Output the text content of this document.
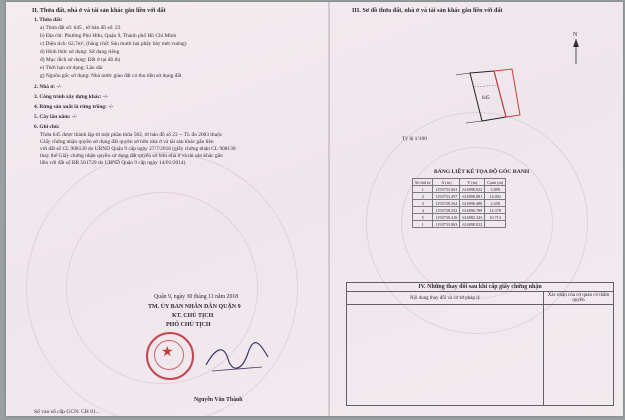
II. Thửa đất, nhà ở và tài sản khác gắn liền với đất
1. Thửa đất:
a) Thửa đất số: 645 , tờ bản đồ số: 23
b) Địa chỉ: Phường Phú Hữu, Quận 9, Thành phố Hồ Chí Minh
c) Diện tích: 62,7m², (bằng chữ: Sáu mươi hai phẩy bảy mét vuông)
d) Hình thức sử dụng: Sử dụng riêng
đ) Mục đích sử dụng: Đất ở tại đô thị
e) Thời hạn sử dụng: Lâu dài
g) Nguồn gốc sử dụng: Nhà nước giao đất có thu tiền sử dụng đất
2. Nhà ở: -/-
3. Công trình xây dựng khác: -/-
4. Rừng sản xuất là rừng trồng: -/-
5. Cây lâu năm: -/-
6. Ghi chú:
Thửa 645 được thành lập từ một phần thửa 582, tờ bản đồ số 23 -- TL đo 2003 thuộc
Giấy chứng nhận quyền sử dụng đất quyền sở hữu nhà ở và tài sản khác gắn liền
với đất số CL 908130 do UBND Quận 9 cấp ngày 27/7/2018 (giấy chứng nhận CL 908130
thay thế Giấy chứng nhận quyền sử dụng đất quyền sở hữu nhà ở và tài sản khác gắn
liền với đất số BR 561729 do UBND Quận 9 cấp ngày 14/01/2014)
Quận 9, ngày 30 tháng 11 năm 2018
TM. ỦY BAN NHÂN DÂN QUẬN 9
KT. CHỦ TỊCH
PHÓ CHỦ TỊCH
★
Nguyễn Văn Thành
Số vào sổ cấp GCN: CH 01...
III. Sơ đồ thửa đất, nhà ở và tài sản khác gắn liền với đất
N
645
Tỷ lệ 1/100
BẢNG LIỆT KÊ TỌA ĐỘ GÓC RANH
Số thứ tự	X (m)	Y (m)	Cạnh (m)
1	1193733.063	614898.022	3.899
2	1193733.497	614898.881	14.002
3	1193728.264	614896.480	2.458
4	1193728.352	614896.789	14.378
5	1193730.416	614882.343	10.713
1	1193733.063	614898.022	
IV. Những thay đổi sau khi cấp giấy chứng nhận	
Nội dung thay đổi và cơ sở pháp lý	Xác nhận của cơ quan có thẩm quyền
